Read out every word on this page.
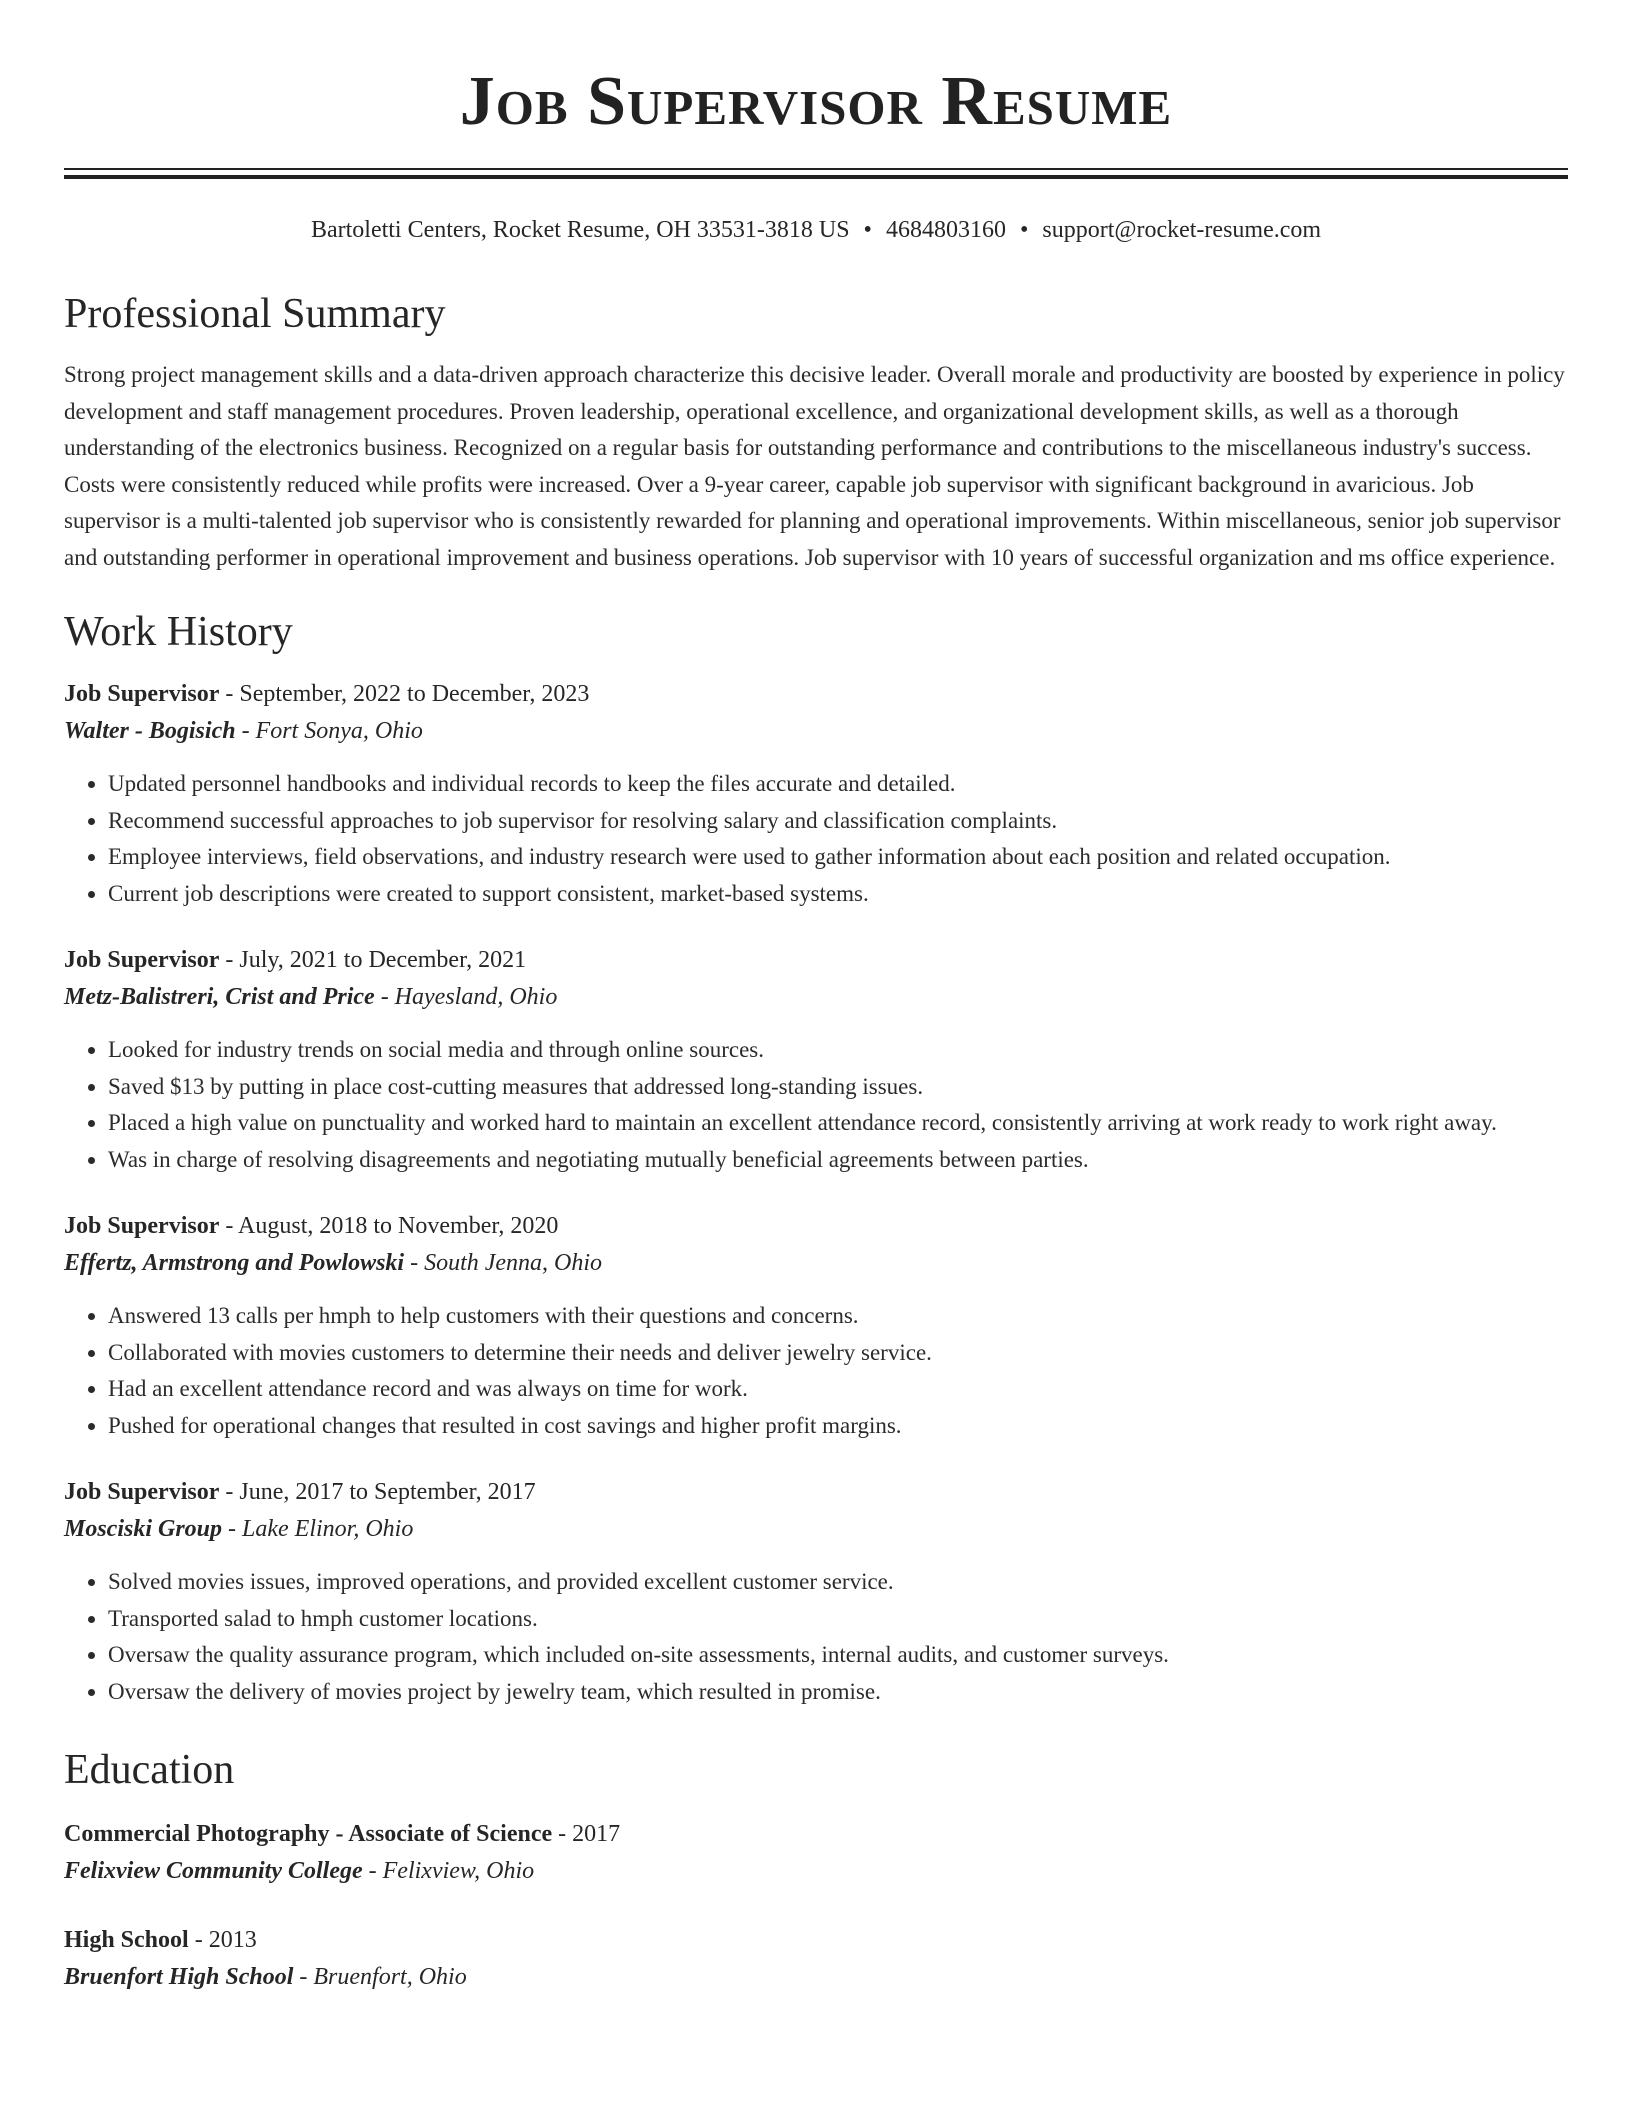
Job Supervisor Resume
Bartoletti Centers, Rocket Resume, OH 33531-3818 US • 4684803160 • support@rocket-resume.com
Professional Summary

Strong project management skills and a data-driven approach characterize this decisive leader. Overall morale and productivity are boosted by experience in policy development and staff management procedures. Proven leadership, operational excellence, and organizational development skills, as well as a thorough understanding of the electronics business. Recognized on a regular basis for outstanding performance and contributions to the miscellaneous industry's success. Costs were consistently reduced while profits were increased. Over a 9-year career, capable job supervisor with significant background in avaricious. Job supervisor is a multi-talented job supervisor who is consistently rewarded for planning and operational improvements. Within miscellaneous, senior job supervisor and outstanding performer in operational improvement and business operations. Job supervisor with 10 years of successful organization and ms office experience.

Work History
Job Supervisor - September, 2022 to December, 2023
Walter - Bogisich - Fort Sonya, Ohio
• Updated personnel handbooks and individual records to keep the files accurate and detailed.
• Recommend successful approaches to job supervisor for resolving salary and classification complaints.
• Employee interviews, field observations, and industry research were used to gather information about each position and related occupation.
• Current job descriptions were created to support consistent, market-based systems.
Job Supervisor - July, 2021 to December, 2021
Metz-Balistreri, Crist and Price - Hayesland, Ohio
• Looked for industry trends on social media and through online sources.
• Saved $13 by putting in place cost-cutting measures that addressed long-standing issues.
• Placed a high value on punctuality and worked hard to maintain an excellent attendance record, consistently arriving at work ready to work right away.
• Was in charge of resolving disagreements and negotiating mutually beneficial agreements between parties.
Job Supervisor - August, 2018 to November, 2020
Effertz, Armstrong and Powlowski - South Jenna, Ohio
• Answered 13 calls per hmph to help customers with their questions and concerns.
• Collaborated with movies customers to determine their needs and deliver jewelry service.
• Had an excellent attendance record and was always on time for work.
• Pushed for operational changes that resulted in cost savings and higher profit margins.
Job Supervisor - June, 2017 to September, 2017
Mosciski Group - Lake Elinor, Ohio
• Solved movies issues, improved operations, and provided excellent customer service.
• Transported salad to hmph customer locations.
• Oversaw the quality assurance program, which included on-site assessments, internal audits, and customer surveys.
• Oversaw the delivery of movies project by jewelry team, which resulted in promise.
Education
Commercial Photography - Associate of Science - 2017
Felixview Community College - Felixview, Ohio
High School - 2013
Bruenfort High School - Bruenfort, Ohio
